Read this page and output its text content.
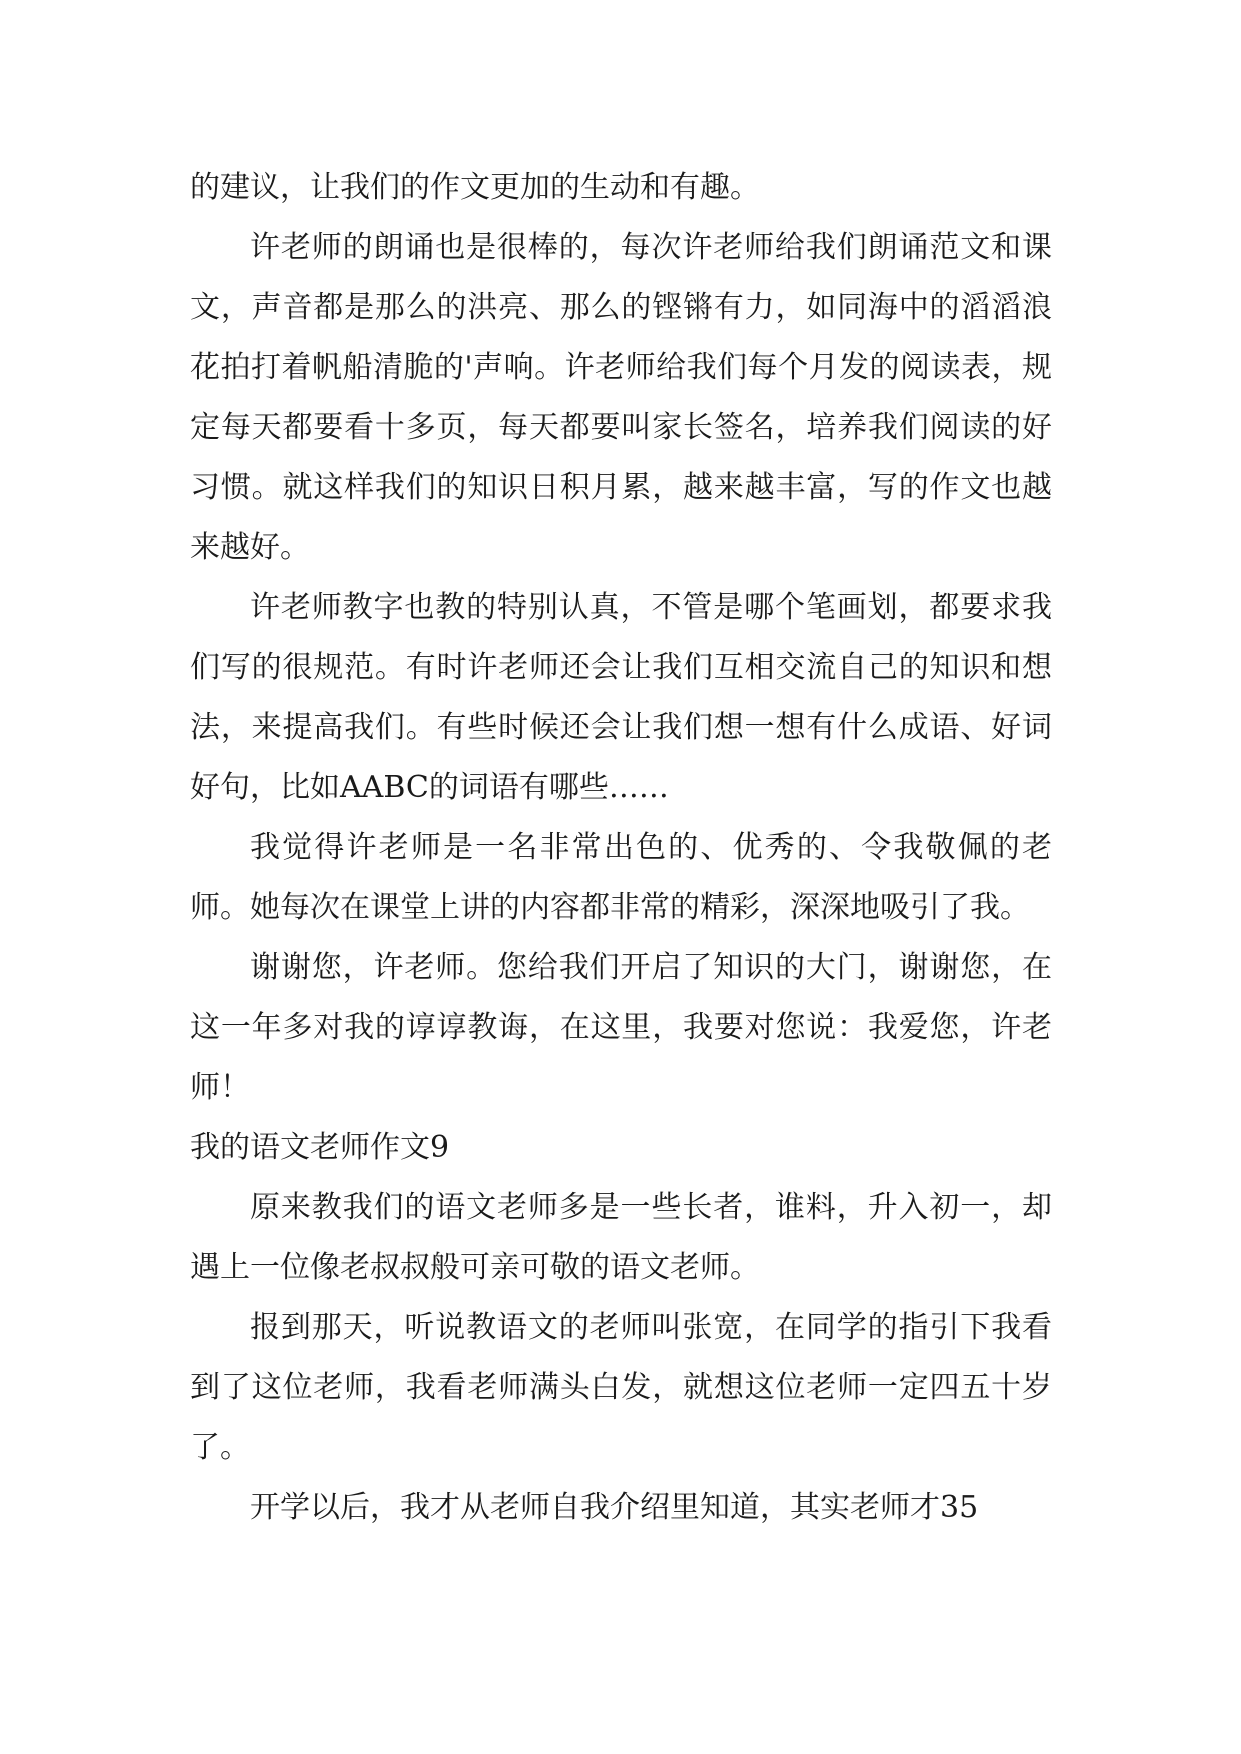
的建议，让我们的作文更加的生动和有趣。

许老师的朗诵也是很棒的，每次许老师给我们朗诵范文和课文，声音都是那么的洪亮、那么的铿锵有力，如同海中的滔滔浪花拍打着帆船清脆的'声响。许老师给我们每个月发的阅读表，规定每天都要看十多页，每天都要叫家长签名，培养我们阅读的好习惯。就这样我们的知识日积月累，越来越丰富，写的作文也越来越好。

许老师教字也教的特别认真，不管是哪个笔画划，都要求我们写的很规范。有时许老师还会让我们互相交流自己的知识和想法，来提高我们。有些时候还会让我们想一想有什么成语、好词好句，比如AABC的词语有哪些……

我觉得许老师是一名非常出色的、优秀的、令我敬佩的老师。她每次在课堂上讲的内容都非常的精彩，深深地吸引了我。

谢谢您，许老师。您给我们开启了知识的大门，谢谢您，在这一年多对我的谆谆教诲，在这里，我要对您说：我爱您，许老师！

我的语文老师作文9

原来教我们的语文老师多是一些长者，谁料，升入初一，却遇上一位像老叔叔般可亲可敬的语文老师。

报到那天，听说教语文的老师叫张宽，在同学的指引下我看到了这位老师，我看老师满头白发，就想这位老师一定四五十岁了。

开学以后，我才从老师自我介绍里知道，其实老师才35
